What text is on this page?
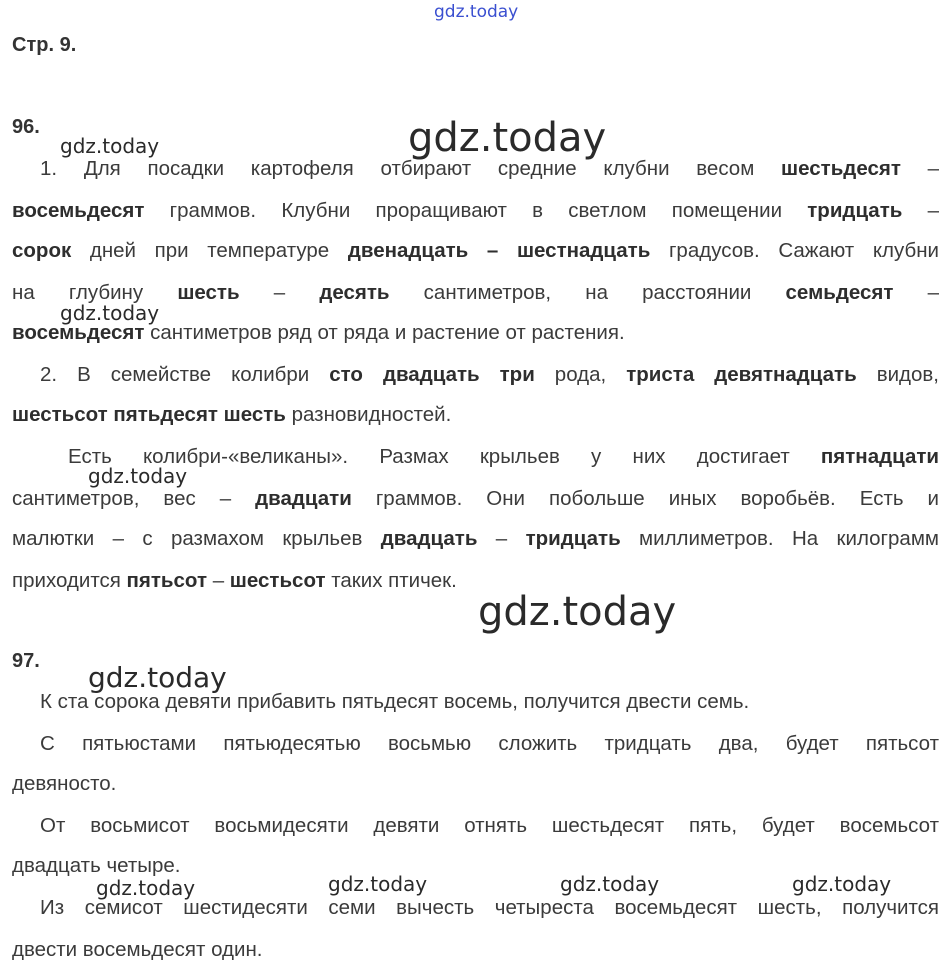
gdz.today
gdz.today
gdz.today
gdz.today
gdz.today
gdz.today
gdz.today
gdz.today	gdz.today	gdz.today	gdz.today
Стр. 9.
96.
1. Для посадки картофеля отбирают средние клубни весом шестьдесят –
восемьдесят граммов. Клубни проращивают в светлом помещении тридцать –
сорок дней при температуре двенадцать – шестнадцать градусов. Сажают клубни
на глубину шесть – десять сантиметров, на расстоянии семьдесят –
восемьдесят сантиметров ряд от ряда и растение от растения.
2. В семействе колибри сто двадцать три рода, триста девятнадцать видов,
шестьсот пятьдесят шесть разновидностей.
Есть колибри-«великаны». Размах крыльев у них достигает пятнадцати
сантиметров, вес – двадцати граммов. Они побольше иных воробьёв. Есть и
малютки – с размахом крыльев двадцать – тридцать миллиметров. На килограмм
приходится пятьсот – шестьсот таких птичек.
97.
К ста сорока девяти прибавить пятьдесят восемь, получится двести семь.
С пятьюстами пятьюдесятью восьмью сложить тридцать два, будет пятьсот
девяносто.
От восьмисот восьмидесяти девяти отнять шестьдесят пять, будет восемьсот
двадцать четыре.
Из семисот шестидесяти семи вычесть четыреста восемьдесят шесть, получится
двести восемьдесят один.
